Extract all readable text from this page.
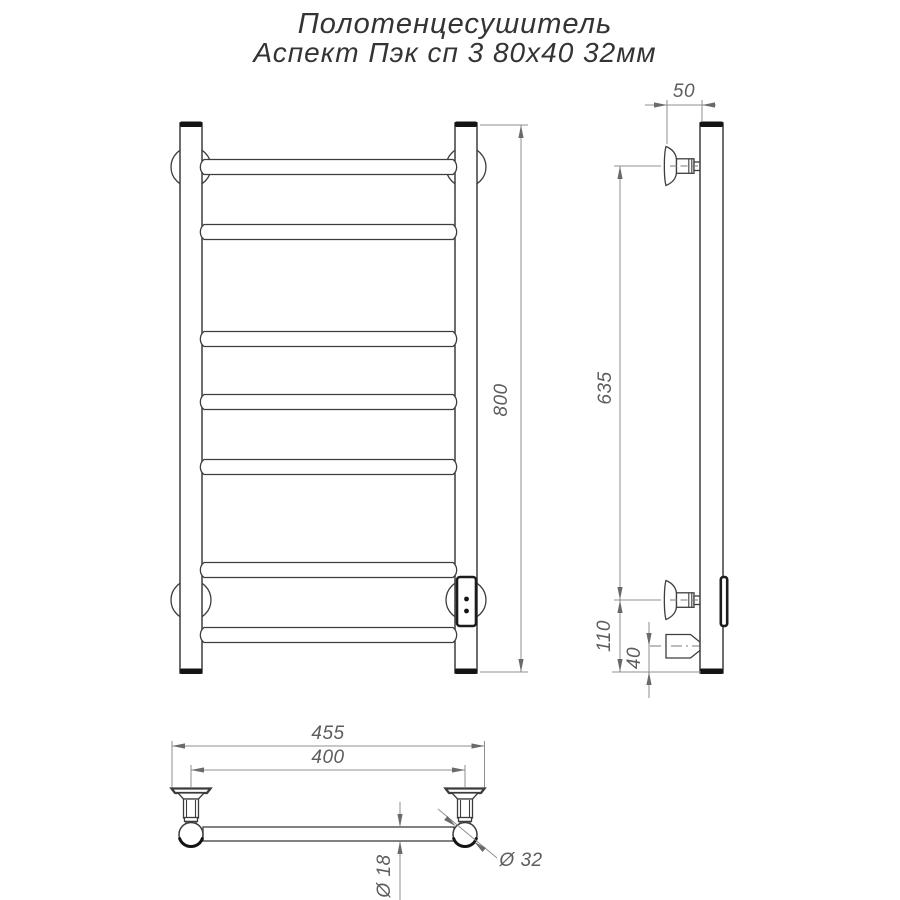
Полотенцесушитель
Аспект Пэк сп 3 80х40 32мм
800
50
635
110
40
455
400
Ø 18	Ø 32
